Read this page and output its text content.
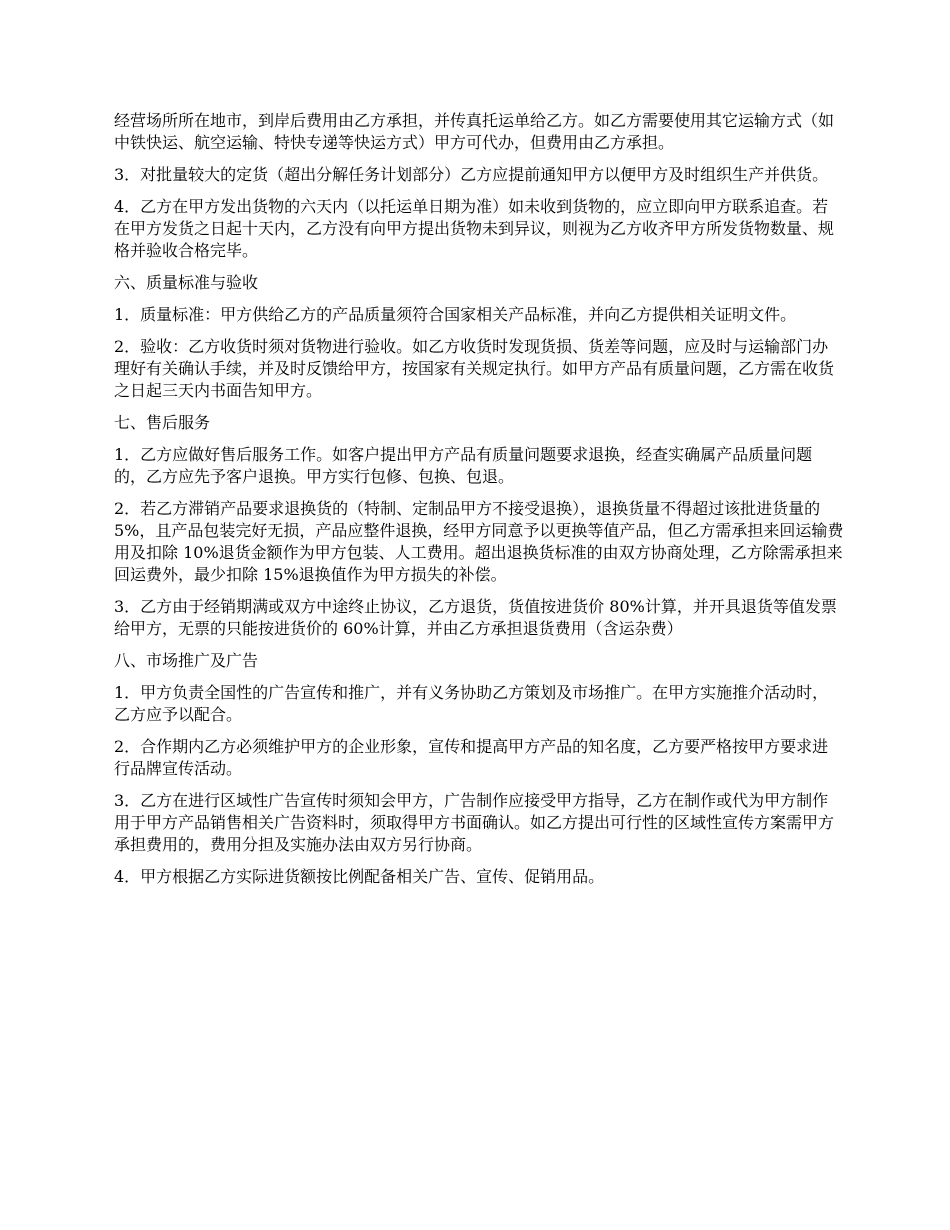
经营场所所在地市，到岸后费用由乙方承担，并传真托运单给乙方。如乙方需要使用其它运输方式（如中铁快运、航空运输、特快专递等快运方式）甲方可代办，但费用由乙方承担。

3．对批量较大的定货（超出分解任务计划部分）乙方应提前通知甲方以便甲方及时组织生产并供货。

4．乙方在甲方发出货物的六天内（以托运单日期为准）如未收到货物的，应立即向甲方联系追查。若在甲方发货之日起十天内，乙方没有向甲方提出货物未到异议，则视为乙方收齐甲方所发货物数量、规格并验收合格完毕。

六、质量标准与验收

1．质量标准：甲方供给乙方的产品质量须符合国家相关产品标准，并向乙方提供相关证明文件。

2．验收：乙方收货时须对货物进行验收。如乙方收货时发现货损、货差等问题，应及时与运输部门办理好有关确认手续，并及时反馈给甲方，按国家有关规定执行。如甲方产品有质量问题，乙方需在收货之日起三天内书面告知甲方。

七、售后服务

1．乙方应做好售后服务工作。如客户提出甲方产品有质量问题要求退换，经查实确属产品质量问题的，乙方应先予客户退换。甲方实行包修、包换、包退。

2．若乙方滞销产品要求退换货的（特制、定制品甲方不接受退换），退换货量不得超过该批进货量的 5%，且产品包装完好无损，产品应整件退换，经甲方同意予以更换等值产品，但乙方需承担来回运输费用及扣除 10%退货金额作为甲方包装、人工费用。超出退换货标准的由双方协商处理，乙方除需承担来回运费外，最少扣除 15%退换值作为甲方损失的补偿。

3．乙方由于经销期满或双方中途终止协议，乙方退货，货值按进货价 80%计算，并开具退货等值发票给甲方，无票的只能按进货价的 60%计算，并由乙方承担退货费用（含运杂费）

八、市场推广及广告

1．甲方负责全国性的广告宣传和推广，并有义务协助乙方策划及市场推广。在甲方实施推介活动时，乙方应予以配合。

2．合作期内乙方必须维护甲方的企业形象，宣传和提高甲方产品的知名度，乙方要严格按甲方要求进行品牌宣传活动。

3．乙方在进行区域性广告宣传时须知会甲方，广告制作应接受甲方指导，乙方在制作或代为甲方制作用于甲方产品销售相关广告资料时，须取得甲方书面确认。如乙方提出可行性的区域性宣传方案需甲方承担费用的，费用分担及实施办法由双方另行协商。

4．甲方根据乙方实际进货额按比例配备相关广告、宣传、促销用品。
